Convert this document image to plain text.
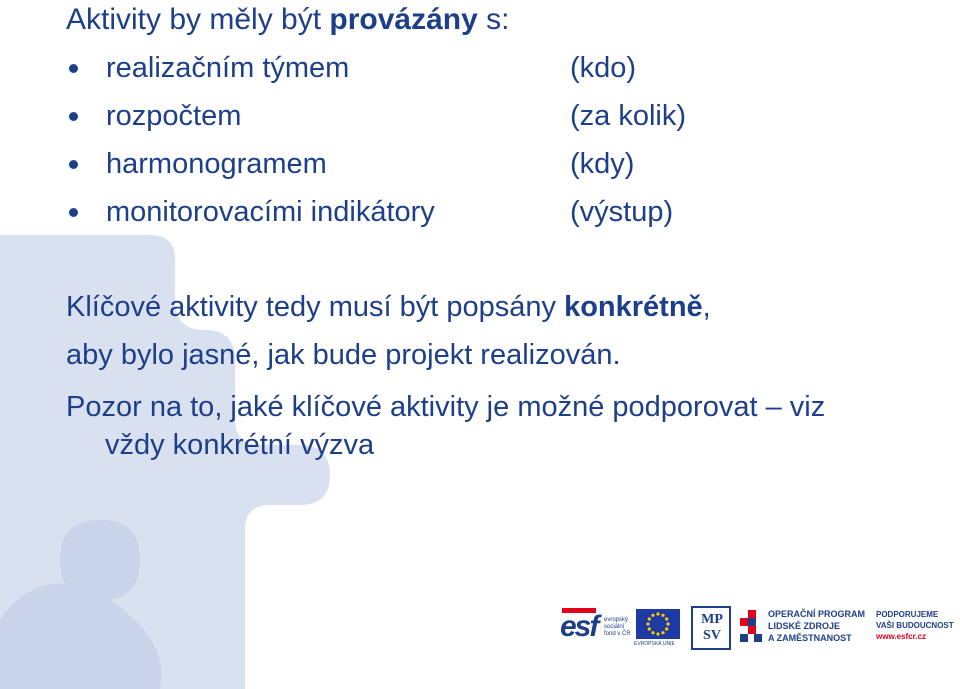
Aktivity by měly být provázány s:
realizačním týmem	(kdo)
rozpočtem	(za kolik)
harmonogramem	(kdy)
monitorovacími indikátory	(výstup)
Klíčové aktivity tedy musí být popsány konkrétně,
aby bylo jasné, jak bude projekt realizován.
Pozor na to, jaké klíčové aktivity je možné podporovat – viz
vždy konkrétní výzva
esf evropský sociální fond v ČR
EVROPSKÁ UNIE
MP SV
OPERAČNÍ PROGRAM
LIDSKÉ ZDROJE
A ZAMĚSTNANOST
PODPORUJEME
VAŠI BUDOUCNOST
www.esfcr.cz
